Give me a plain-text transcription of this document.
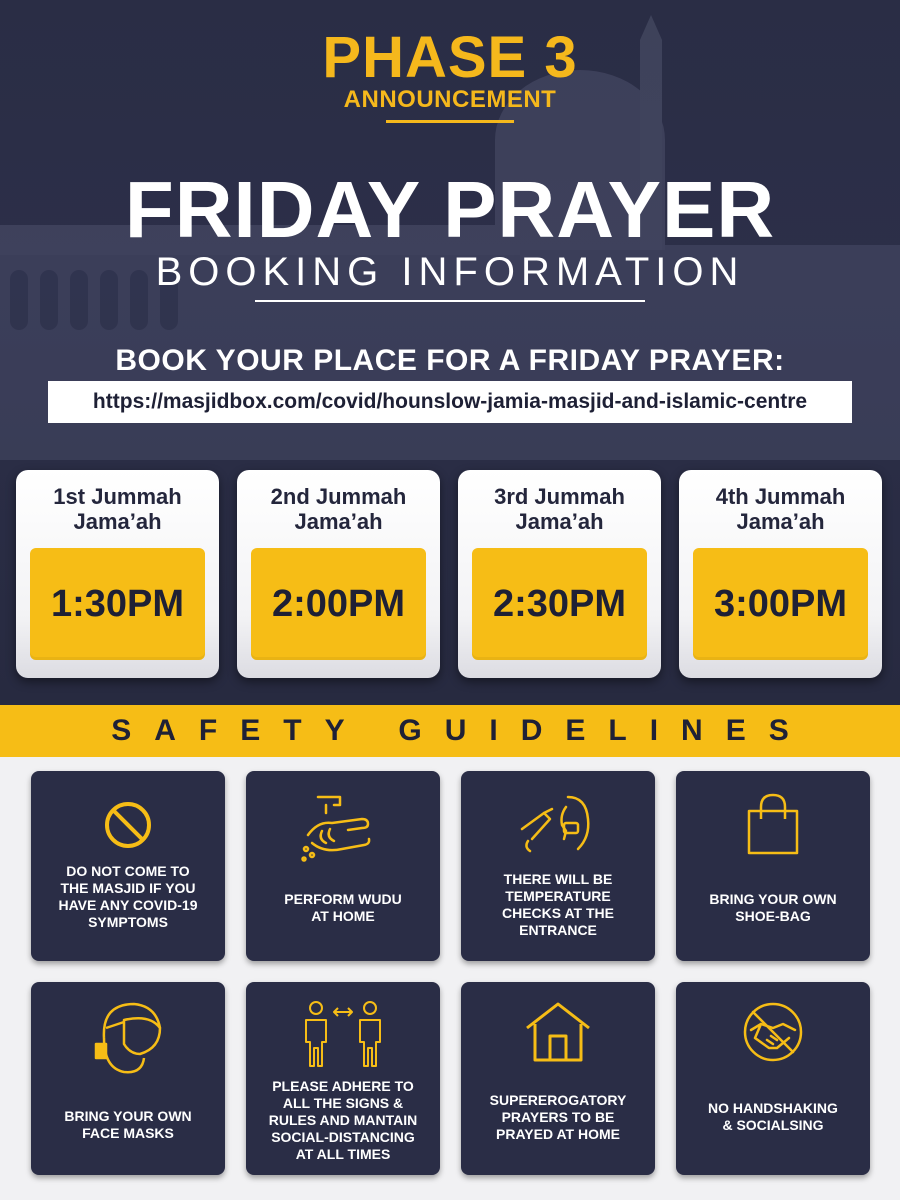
PHASE 3
ANNOUNCEMENT
FRIDAY PRAYER
BOOKING INFORMATION
BOOK YOUR PLACE FOR A FRIDAY PRAYER:
https://masjidbox.com/covid/hounslow-jamia-masjid-and-islamic-centre
1st Jummah
Jama’ah
1:30PM
2nd Jummah
Jama’ah
2:00PM
3rd Jummah
Jama’ah
2:30PM
4th Jummah
Jama’ah
3:00PM
SAFETY GUIDELINES
DO NOT COME TO
THE MASJID IF YOU
HAVE ANY COVID-19
SYMPTOMS
PERFORM WUDU
AT HOME
THERE WILL BE
TEMPERATURE
CHECKS AT THE
ENTRANCE
BRING YOUR OWN
SHOE-BAG
BRING YOUR OWN
FACE MASKS
PLEASE ADHERE TO
ALL THE SIGNS &
RULES AND MANTAIN
SOCIAL-DISTANCING
AT ALL TIMES
SUPEREROGATORY
PRAYERS TO BE
PRAYED AT HOME
NO HANDSHAKING
& SOCIALSING
